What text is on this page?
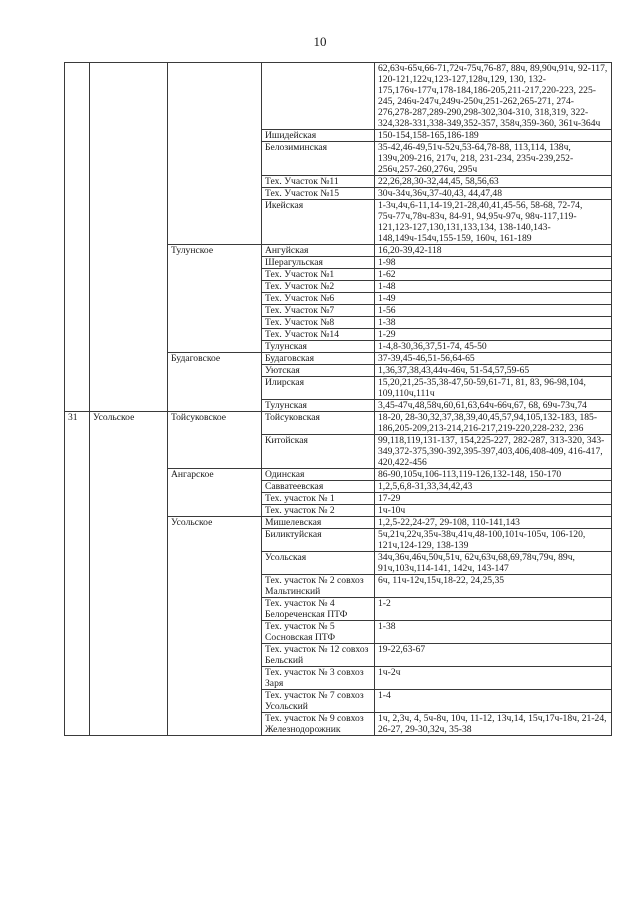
10
				62,63ч-65ч,66-71,72ч-75ч,76-87, 88ч, 89,90ч,91ч, 92-117, 120-121,122ч,123-127,128ч,129, 130, 132-175,176ч-177ч,178-184,186-205,211-217,220-223, 225-245, 246ч-247ч,249ч-250ч,251-262,265-271, 274-276,278-287,289-290,298-302,304-310, 318,319, 322-324,328-331,338-349,352-357, 358ч,359-360, 361ч-364ч
			Ишидейская	150-154,158-165,186-189
			Белозиминская	35-42,46-49,51ч-52ч,53-64,78-88, 113,114, 138ч, 139ч,209-216, 217ч, 218, 231-234, 235ч-239,252-256ч,257-260,276ч, 295ч
			Тех. Участок №11	22,26,28,30-32,44,45, 58,56,63
			Тех. Участок №15	30ч-34ч,36ч,37-40,43, 44,47,48
			Икейская	1-3ч,4ч,6-11,14-19,21-28,40,41,45-56, 58-68, 72-74, 75ч-77ч,78ч-83ч, 84-91, 94,95ч-97ч, 98ч-117,119-121,123-127,130,131,133,134, 138-140,143-148,149ч-154ч,155-159, 160ч, 161-189
		Тулунское	Ангуйская	16,20-39,42-118
			Шерагульская	1-98
			Тех. Участок №1	1-62
			Тех. Участок №2	1-48
			Тех. Участок №6	1-49
			Тех. Участок №7	1-56
			Тех. Участок №8	1-38
			Тех. Участок №14	1-29
			Тулунская	1-4,8-30,36,37,51-74, 45-50
		Будаговское	Будаговская	37-39,45-46,51-56,64-65
			Уютская	1,36,37,38,43,44ч-46ч, 51-54,57,59-65
			Илирская	15,20,21,25-35,38-47,50-59,61-71, 81, 83, 96-98,104, 109,110ч,111ч
			Тулунская	3,45-47ч,48,58ч,60,61,63,64ч-66ч,67, 68, 69ч-73ч,74
31	Усольское	Тойсуковское	Тойсуковская	18-20, 28-30,32,37,38,39,40,45,57,94,105,132-183, 185-186,205-209,213-214,216-217,219-220,228-232, 236
			Китойская	99,118,119,131-137, 154,225-227, 282-287, 313-320, 343-349,372-375,390-392,395-397,403,406,408-409, 416-417, 420,422-456
		Ангарское	Одинская	86-90,105ч,106-113,119-126,132-148, 150-170
			Савватеевская	1,2,5,6,8-31,33,34,42,43
			Тех. участок № 1	17-29
			Тех. участок № 2	1ч-10ч
		Усольское	Мишелевская	1,2,5-22,24-27, 29-108, 110-141,143
			Биликтуйская	5ч,21ч,22ч,35ч-38ч,41ч,48-100,101ч-105ч, 106-120, 121ч,124-129, 138-139
			Усольская	34ч,36ч,46ч,50ч,51ч, 62ч,63ч,68,69,78ч,79ч, 89ч, 91ч,103ч,114-141, 142ч, 143-147
			Тех. участок № 2 совхоз Мальтинский	6ч, 11ч-12ч,15ч,18-22, 24,25,35
			Тех. участок № 4 Белореченская ПТФ	1-2
			Тех. участок № 5 Сосновская ПТФ	1-38
			Тех. участок № 12 совхоз Бельский	19-22,63-67
			Тех. участок № 3 совхоз Заря	1ч-2ч
			Тех. участок № 7 совхоз Усольский	1-4
			Тех. участок № 9 совхоз Железнодорожник	1ч, 2,3ч, 4, 5ч-8ч, 10ч, 11-12, 13ч,14, 15ч,17ч-18ч, 21-24, 26-27, 29-30,32ч, 35-38
